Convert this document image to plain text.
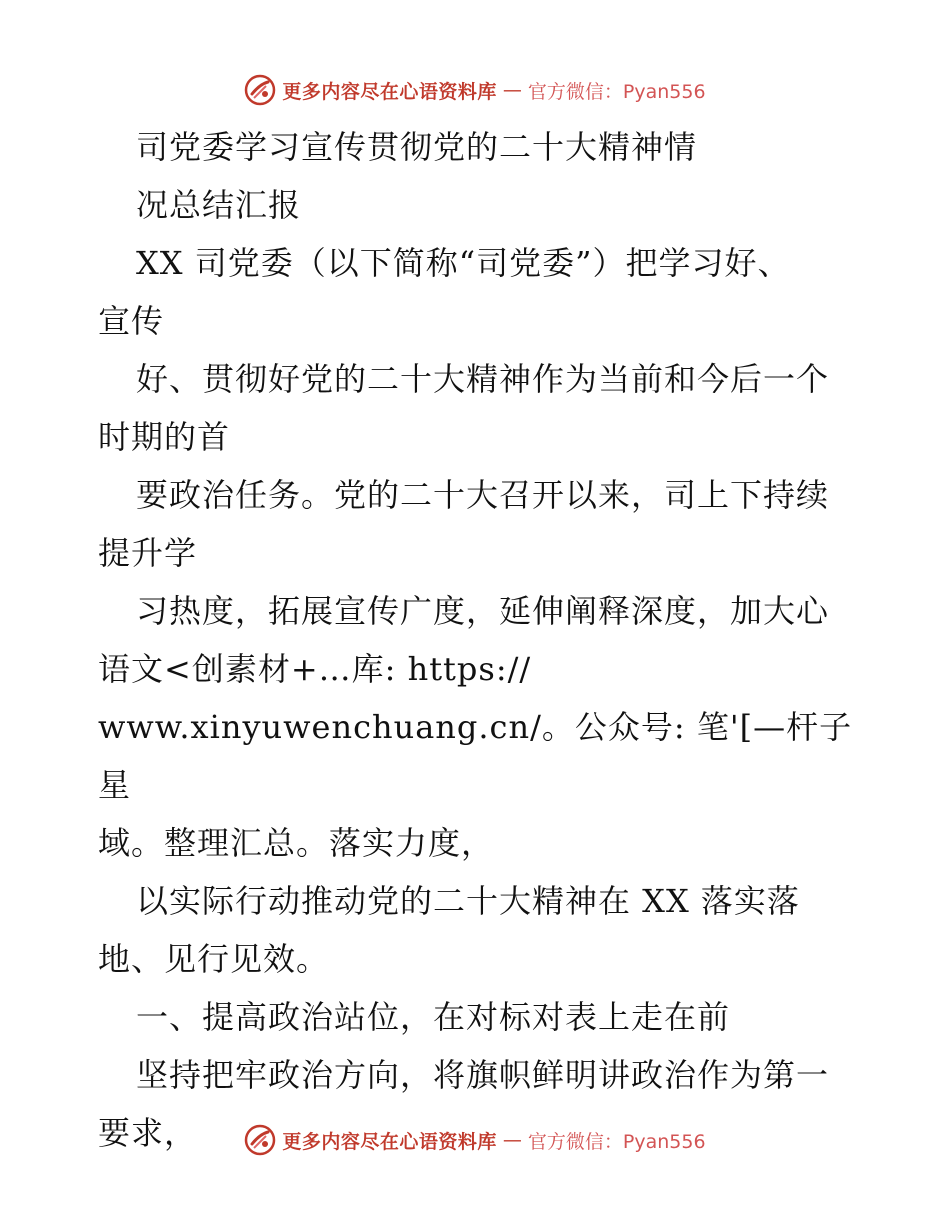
更多内容尽在心语资料库 — 官方微信：Pyan556

司党委学习宣传贯彻党的二十大精神情

况总结汇报

XX 司党委（以下简称“司党委”）把学习好、

宣传

好、贯彻好党的二十大精神作为当前和今后一个

时期的首

要政治任务。党的二十大召开以来，司上下持续

提升学

习热度，拓展宣传广度，延伸阐释深度，加大心

语文<创素材+…库: https://

www.xinyuwenchuang.cn/。公众号: 笔'[—杆子星

域。整理汇总。落实力度，

以实际行动推动党的二十大精神在 XX 落实落

地、见行见效。

一、提高政治站位，在对标对表上走在前

坚持把牢政治方向，将旗帜鲜明讲政治作为第一

要求，	更多内容尽在心语资料库 — 官方微信：Pyan556
